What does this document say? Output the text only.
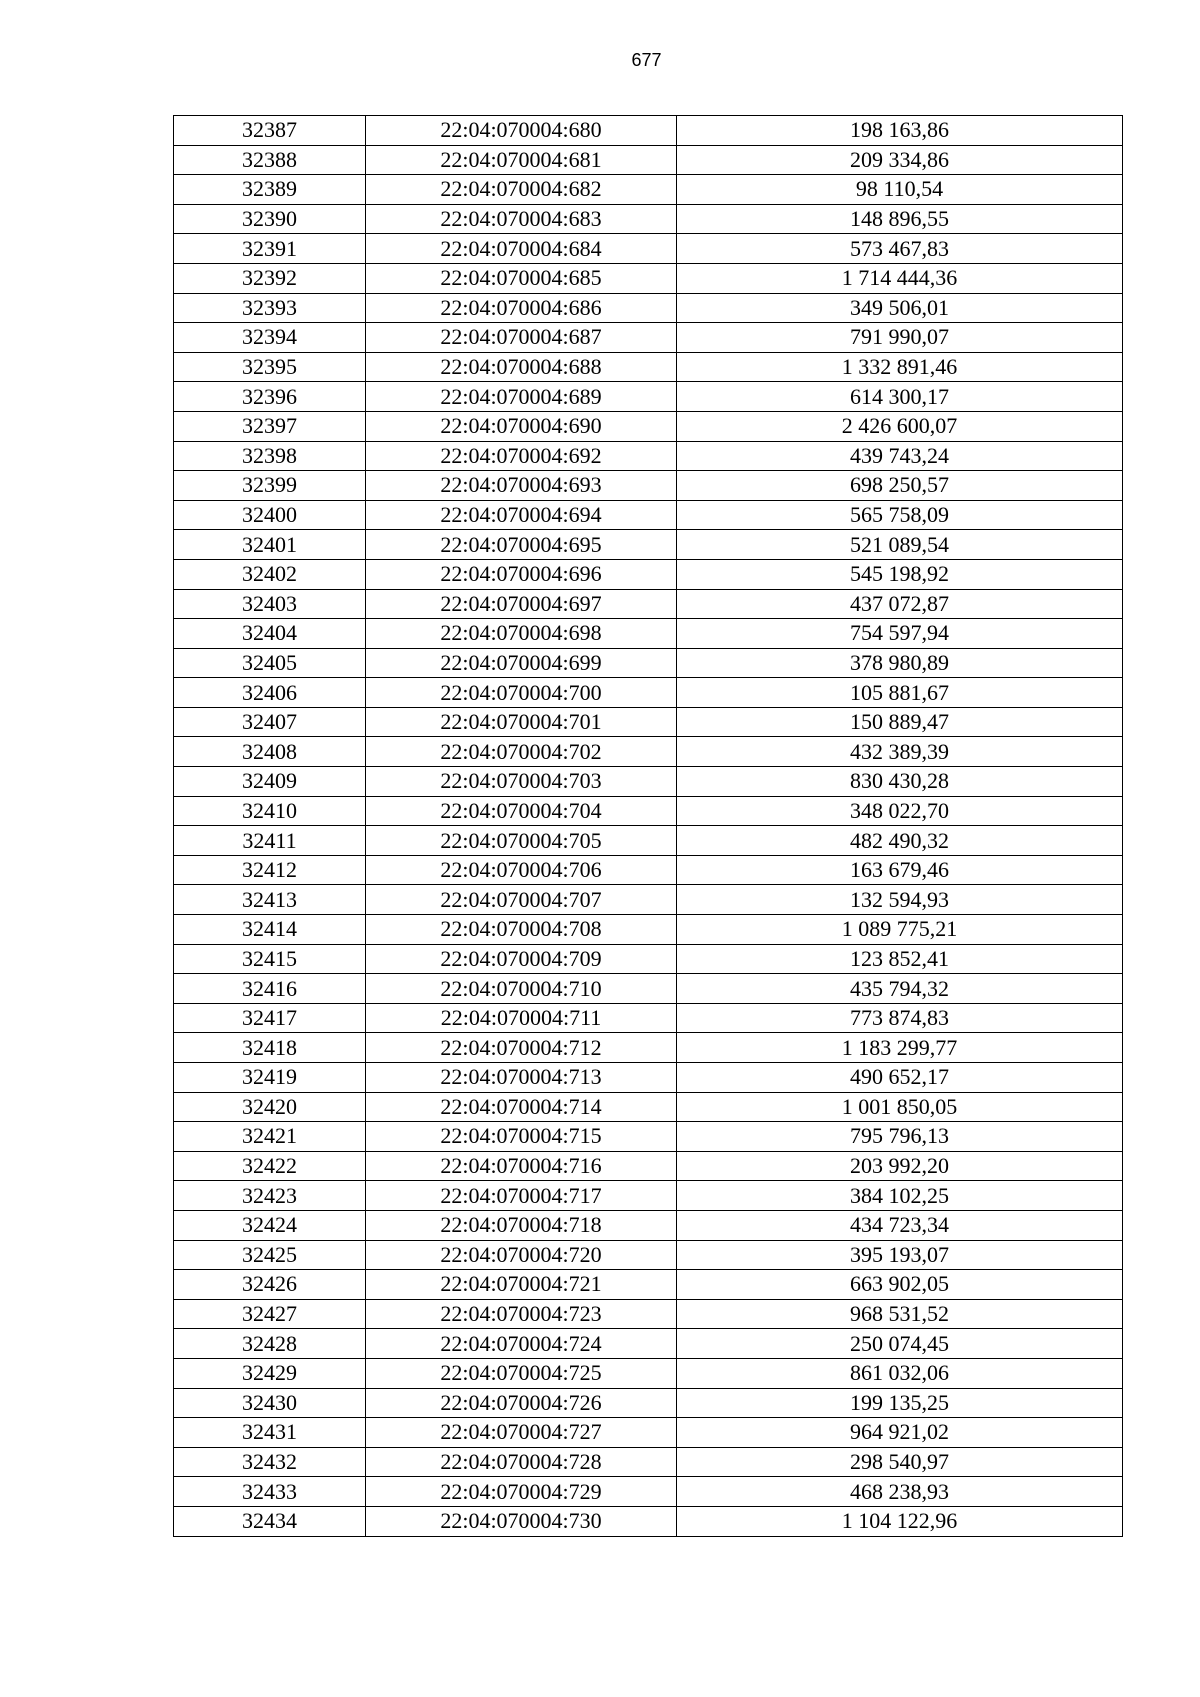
677
32387	22:04:070004:680	198 163,86
32388	22:04:070004:681	209 334,86
32389	22:04:070004:682	98 110,54
32390	22:04:070004:683	148 896,55
32391	22:04:070004:684	573 467,83
32392	22:04:070004:685	1 714 444,36
32393	22:04:070004:686	349 506,01
32394	22:04:070004:687	791 990,07
32395	22:04:070004:688	1 332 891,46
32396	22:04:070004:689	614 300,17
32397	22:04:070004:690	2 426 600,07
32398	22:04:070004:692	439 743,24
32399	22:04:070004:693	698 250,57
32400	22:04:070004:694	565 758,09
32401	22:04:070004:695	521 089,54
32402	22:04:070004:696	545 198,92
32403	22:04:070004:697	437 072,87
32404	22:04:070004:698	754 597,94
32405	22:04:070004:699	378 980,89
32406	22:04:070004:700	105 881,67
32407	22:04:070004:701	150 889,47
32408	22:04:070004:702	432 389,39
32409	22:04:070004:703	830 430,28
32410	22:04:070004:704	348 022,70
32411	22:04:070004:705	482 490,32
32412	22:04:070004:706	163 679,46
32413	22:04:070004:707	132 594,93
32414	22:04:070004:708	1 089 775,21
32415	22:04:070004:709	123 852,41
32416	22:04:070004:710	435 794,32
32417	22:04:070004:711	773 874,83
32418	22:04:070004:712	1 183 299,77
32419	22:04:070004:713	490 652,17
32420	22:04:070004:714	1 001 850,05
32421	22:04:070004:715	795 796,13
32422	22:04:070004:716	203 992,20
32423	22:04:070004:717	384 102,25
32424	22:04:070004:718	434 723,34
32425	22:04:070004:720	395 193,07
32426	22:04:070004:721	663 902,05
32427	22:04:070004:723	968 531,52
32428	22:04:070004:724	250 074,45
32429	22:04:070004:725	861 032,06
32430	22:04:070004:726	199 135,25
32431	22:04:070004:727	964 921,02
32432	22:04:070004:728	298 540,97
32433	22:04:070004:729	468 238,93
32434	22:04:070004:730	1 104 122,96
